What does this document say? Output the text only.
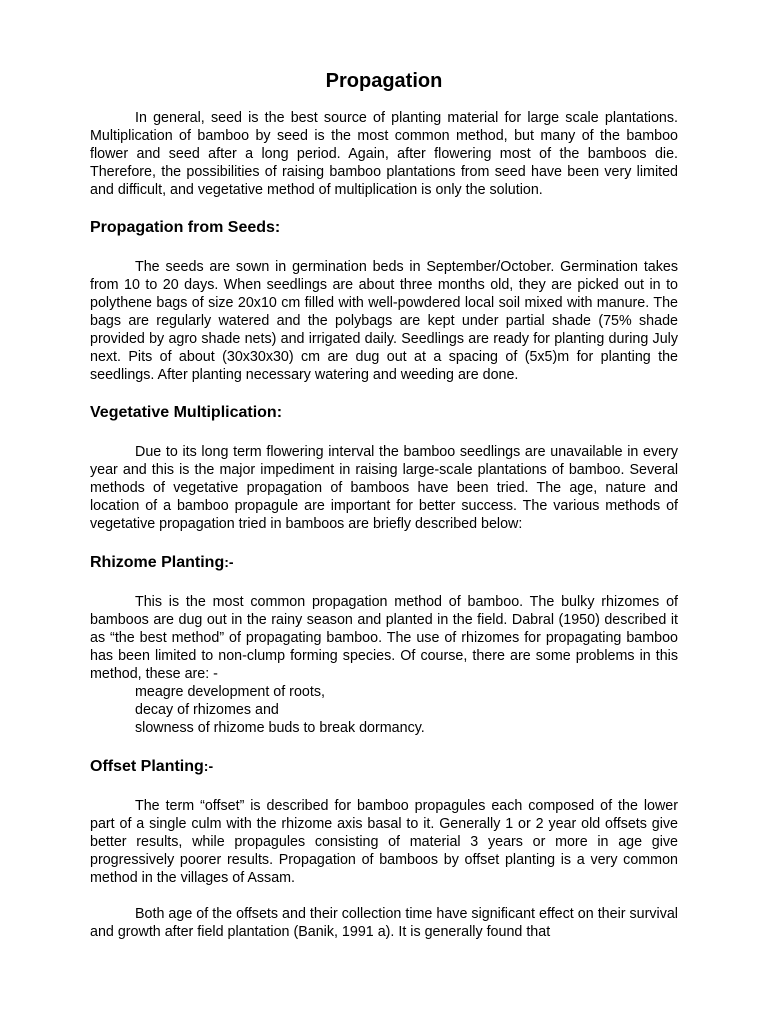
Propagation

In general, seed is the best source of planting material for large scale plantations. Multiplication of bamboo by seed is the most common method, but many of the bamboo flower and seed after a long period. Again, after flowering most of the bamboos die. Therefore, the possibilities of raising bamboo plantations from seed have been very limited and difficult, and vegetative method of multiplication is only the solution.

Propagation from Seeds:

The seeds are sown in germination beds in September/October. Germination takes from 10 to 20 days. When seedlings are about three months old, they are picked out in to polythene bags of size 20x10 cm filled with well-powdered local soil mixed with manure. The bags are regularly watered and the polybags are kept under partial shade (75% shade provided by agro shade nets) and irrigated daily. Seedlings are ready for planting during July next. Pits of about (30x30x30) cm are dug out at a spacing of (5x5)m for planting the seedlings. After planting necessary watering and weeding are done.

Vegetative Multiplication:

Due to its long term flowering interval the bamboo seedlings are unavailable in every year and this is the major impediment in raising large-scale plantations of bamboo. Several methods of vegetative propagation of bamboos have been tried. The age, nature and location of a bamboo propagule are important for better success. The various methods of vegetative propagation tried in bamboos are briefly described below:

Rhizome Planting:-

This is the most common propagation method of bamboo. The bulky rhizomes of bamboos are dug out in the rainy season and planted in the field. Dabral (1950) described it as “the best method” of propagating bamboo. The use of rhizomes for propagating bamboo has been limited to non-clump forming species. Of course, there are some problems in this method, these are: -

meagre development of roots,
decay of rhizomes and
slowness of rhizome buds to break dormancy.
Offset Planting:-

The term “offset” is described for bamboo propagules each composed of the lower part of a single culm with the rhizome axis basal to it. Generally 1 or 2 year old offsets give better results, while propagules consisting of material 3 years or more in age give progressively poorer results. Propagation of bamboos by offset planting is a very common method in the villages of Assam.

Both age of the offsets and their collection time have significant effect on their survival and growth after field plantation (Banik, 1991 a). It is generally found that
